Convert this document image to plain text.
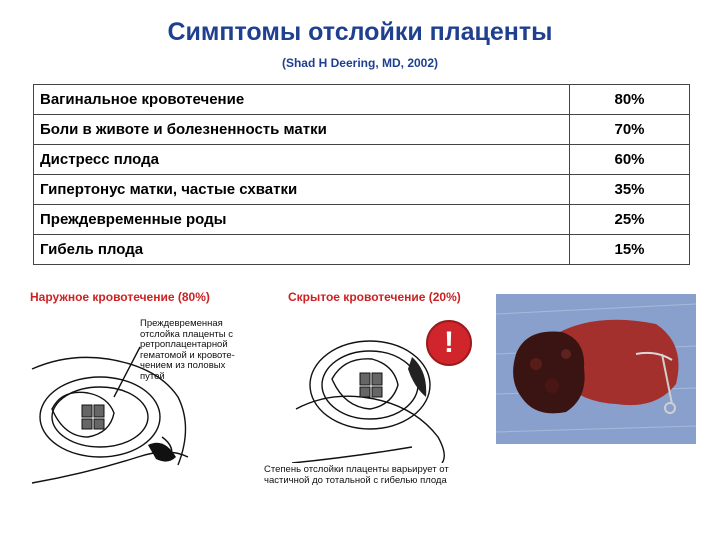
Симптомы отслойки плаценты
(Shad H Deering, MD, 2002)
Вагинальное кровотечение	80%
Боли в животе и болезненность матки	70%
Дистресс плода	60%
Гипертонус матки, частые схватки	35%
Преждевременные роды	25%
Гибель плода	15%
Наружное кровотечение (80%)
Преждевременная
отслойка плаценты с
ретроплацентарной
гематомой и кровоте-
чением из половых
путей
Скрытое кровотечение (20%)
!
Степень отслойки плаценты варьирует от
частичной до тотальной с гибелью плода
